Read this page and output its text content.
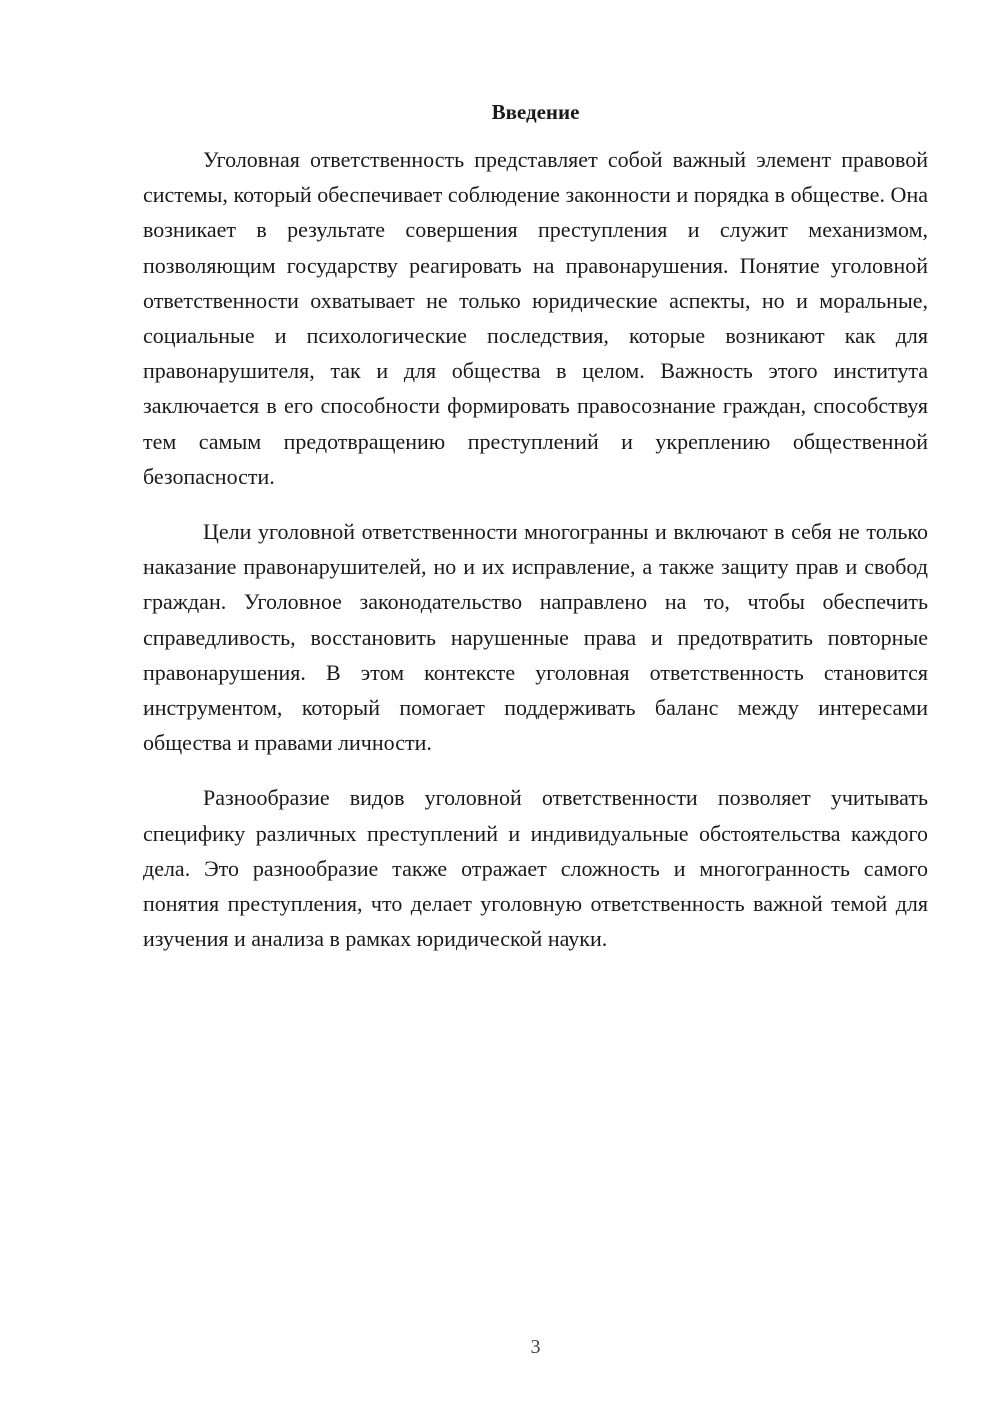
Введение

Уголовная ответственность представляет собой важный элемент правовой системы, который обеспечивает соблюдение законности и порядка в обществе. Она возникает в результате совершения преступления и служит механизмом, позволяющим государству реагировать на правонарушения. Понятие уголовной ответственности охватывает не только юридические аспекты, но и моральные, социальные и психологические последствия, которые возникают как для правонарушителя, так и для общества в целом. Важность этого института заключается в его способности формировать правосознание граждан, способствуя тем самым предотвращению преступлений и укреплению общественной безопасности.

Цели уголовной ответственности многогранны и включают в себя не только наказание правонарушителей, но и их исправление, а также защиту прав и свобод граждан. Уголовное законодательство направлено на то, чтобы обеспечить справедливость, восстановить нарушенные права и предотвратить повторные правонарушения. В этом контексте уголовная ответственность становится инструментом, который помогает поддерживать баланс между интересами общества и правами личности.

Разнообразие видов уголовной ответственности позволяет учитывать специфику различных преступлений и индивидуальные обстоятельства каждого дела. Это разнообразие также отражает сложность и многогранность самого понятия преступления, что делает уголовную ответственность важной темой для изучения и анализа в рамках юридической науки.

3
